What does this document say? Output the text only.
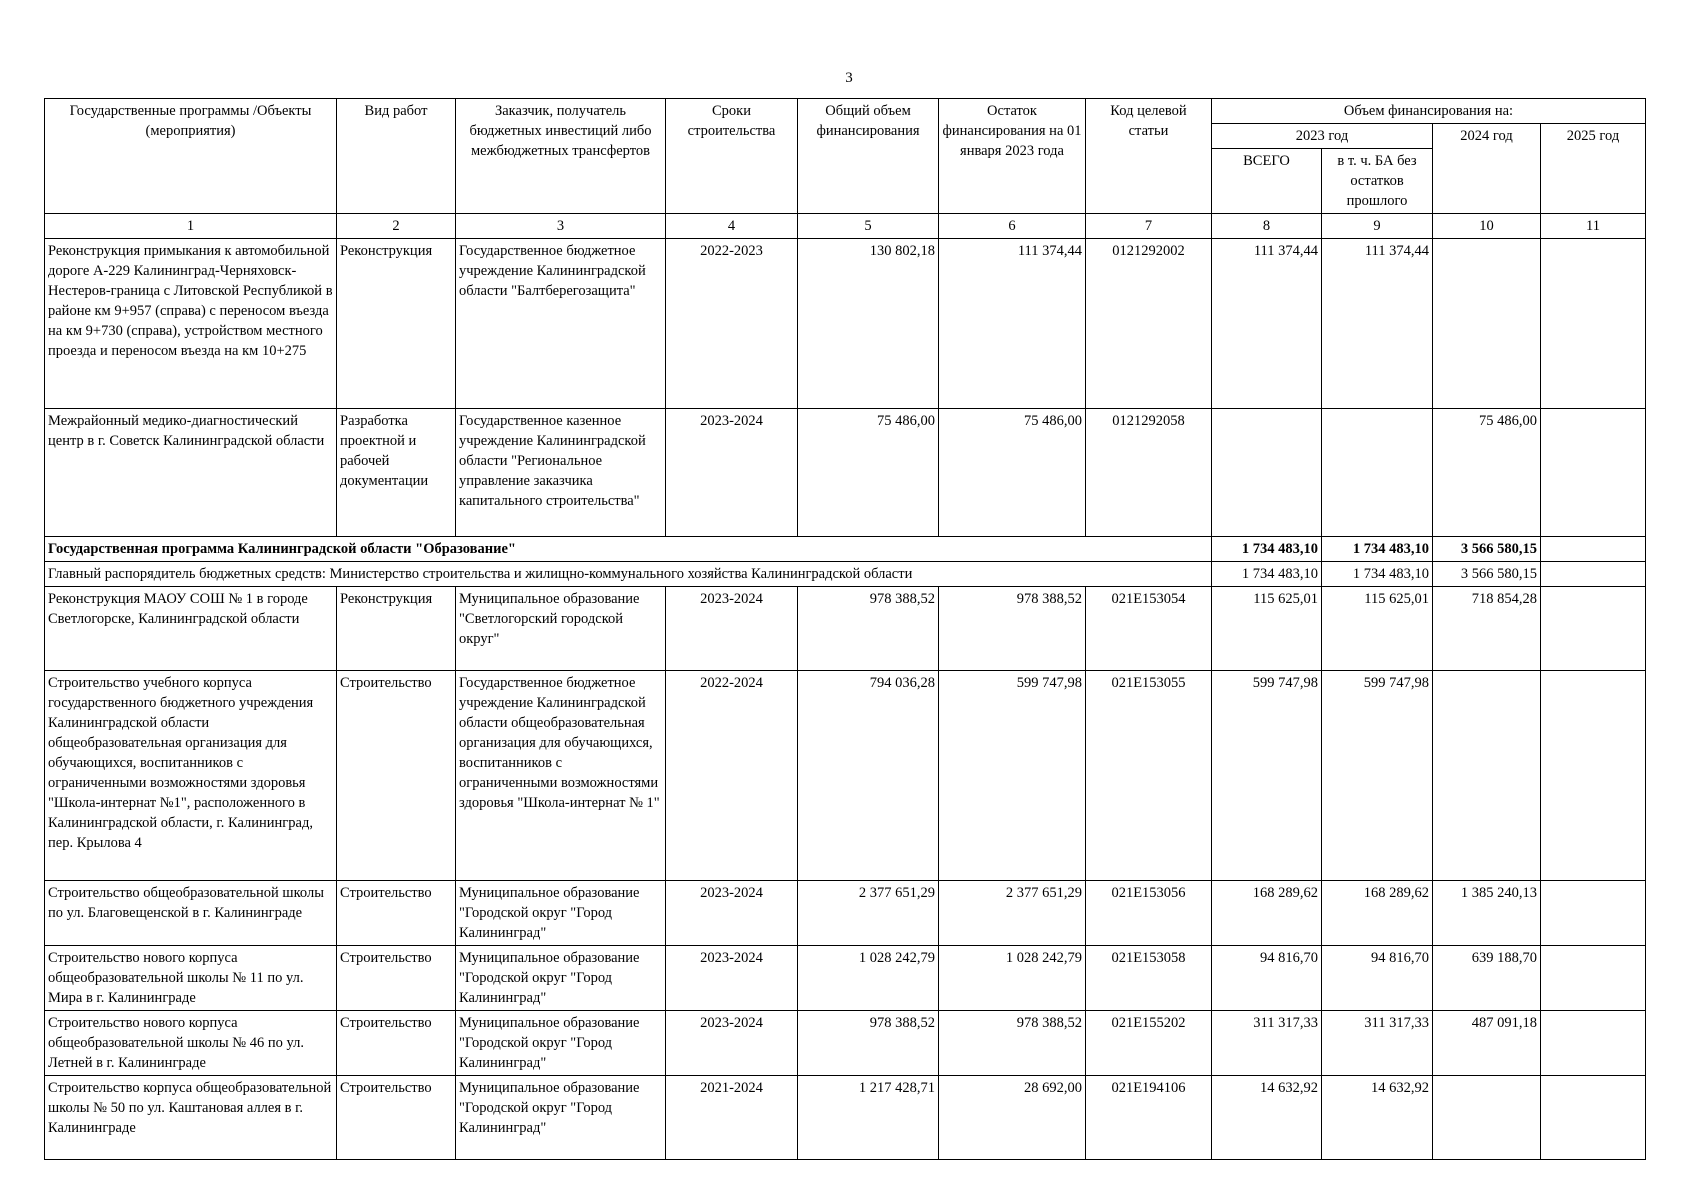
3
Государственные программы /Объекты (мероприятия)	Вид работ	Заказчик, получатель бюджетных инвестиций либо межбюджетных трансфертов	Сроки строительства	Общий объем финансирования	Остаток финансирования на 01 января 2023 года	Код целевой статьи	Объем финансирования на:			
							2023 год		2024 год	2025 год
							ВСЕГО	в т. ч. БА без остатков прошлого		
1	2	3	4	5	6	7	8	9	10	11
Реконструкция примыкания к автомобильной дороге А-229 Калининград-Черняховск-Нестеров-граница с Литовской Республикой в районе км 9+957 (справа) с переносом въезда на км 9+730 (справа), устройством местного проезда и переносом въезда на км 10+275	Реконструкция	Государственное бюджетное учреждение Калининградской области "Балтберегозащита"	2022-2023	130 802,18	111 374,44	0121292002	111 374,44	111 374,44		
Межрайонный медико-диагностический центр в г. Советск Калининградской области	Разработка проектной и рабочей документации	Государственное казенное учреждение Калининградской области "Региональное управление заказчика капитального строительства"	2023-2024	75 486,00	75 486,00	0121292058			75 486,00	
Государственная программа Калининградской области "Образование"							1 734 483,10	1 734 483,10	3 566 580,15	
Главный распорядитель бюджетных средств: Министерство строительства и жилищно-коммунального хозяйства Калининградской области							1 734 483,10	1 734 483,10	3 566 580,15	
Реконструкция МАОУ СОШ № 1 в городе Светлогорске, Калининградской области	Реконструкция	Муниципальное образование "Светлогорский городской округ"	2023-2024	978 388,52	978 388,52	021E153054	115 625,01	115 625,01	718 854,28	
Строительство учебного корпуса государственного бюджетного учреждения Калининградской области общеобразовательная организация для обучающихся, воспитанников с ограниченными возможностями здоровья "Школа-интернат №1", расположенного в Калининградской области, г. Калининград, пер. Крылова 4	Строительство	Государственное бюджетное учреждение Калининградской области общеобразовательная организация для обучающихся, воспитанников с ограниченными возможностями здоровья "Школа-интернат № 1"	2022-2024	794 036,28	599 747,98	021E153055	599 747,98	599 747,98		
Строительство общеобразовательной школы по ул. Благовещенской в г. Калининграде	Строительство	Муниципальное образование "Городской округ "Город Калининград"	2023-2024	2 377 651,29	2 377 651,29	021E153056	168 289,62	168 289,62	1 385 240,13	
Строительство нового корпуса общеобразовательной школы № 11 по ул. Мира в г. Калининграде	Строительство	Муниципальное образование "Городской округ "Город Калининград"	2023-2024	1 028 242,79	1 028 242,79	021E153058	94 816,70	94 816,70	639 188,70	
Строительство нового корпуса общеобразовательной школы № 46 по ул. Летней в г. Калининграде	Строительство	Муниципальное образование "Городской округ "Город Калининград"	2023-2024	978 388,52	978 388,52	021E155202	311 317,33	311 317,33	487 091,18	
Строительство корпуса общеобразовательной школы № 50 по ул. Каштановая аллея в г. Калининграде	Строительство	Муниципальное образование "Городской округ "Город Калининград"	2021-2024	1 217 428,71	28 692,00	021E194106	14 632,92	14 632,92		
